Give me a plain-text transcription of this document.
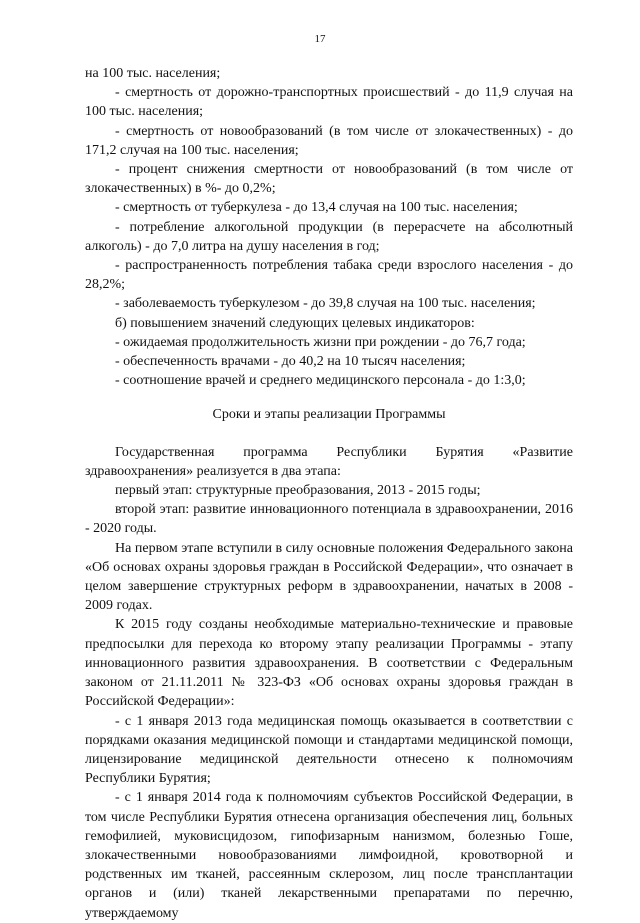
17

на 100 тыс. населения;

- смертность от дорожно-транспортных происшествий - до 11,9 случая на 100 тыс. населения;

- смертность от новообразований (в том числе от злокачественных) - до 171,2 случая на 100 тыс. населения;

- процент снижения смертности от новообразований (в том числе от злокачественных) в %- до 0,2%;

- смертность от туберкулеза - до 13,4 случая на 100 тыс. населения;

- потребление алкогольной продукции (в перерасчете на абсолютный алкоголь) - до 7,0 литра на душу населения в год;

- распространенность потребления табака среди взрослого населения - до 28,2%;

- заболеваемость туберкулезом - до 39,8 случая на 100 тыс. населения;

б) повышением значений следующих целевых индикаторов:

- ожидаемая продолжительность жизни при рождении - до 76,7 года;

- обеспеченность врачами - до 40,2 на 10 тысяч населения;

- соотношение врачей и среднего медицинского персонала - до 1:3,0;

Сроки и этапы реализации Программы

Государственная программа Республики Бурятия «Развитие здравоохранения» реализуется в два этапа:

первый этап: структурные преобразования, 2013 - 2015 годы;

второй этап: развитие инновационного потенциала в здравоохранении, 2016 - 2020 годы.

На первом этапе вступили в силу основные положения Федерального закона «Об основах охраны здоровья граждан в Российской Федерации», что означает в целом завершение структурных реформ в здравоохранении, начатых в 2008 - 2009 годах.

К 2015 году созданы необходимые материально-технические и правовые предпосылки для перехода ко второму этапу реализации Программы - этапу инновационного развития здравоохранения. В соответствии с Федеральным законом от 21.11.2011 № 323-ФЗ «Об основах охраны здоровья граждан в Российской Федерации»:

- с 1 января 2013 года медицинская помощь оказывается в соответствии с порядками оказания медицинской помощи и стандартами медицинской помощи, лицензирование медицинской деятельности отнесено к полномочиям Республики Бурятия;

- с 1 января 2014 года к полномочиям субъектов Российской Федерации, в том числе Республики Бурятия отнесена организация обеспечения лиц, больных гемофилией, муковисцидозом, гипофизарным нанизмом, болезнью Гоше, злокачественными новообразованиями лимфоидной, кровотворной и родственных им тканей, рассеянным склерозом, лиц после трансплантации органов и (или) тканей лекарственными препаратами по перечню, утверждаемому
